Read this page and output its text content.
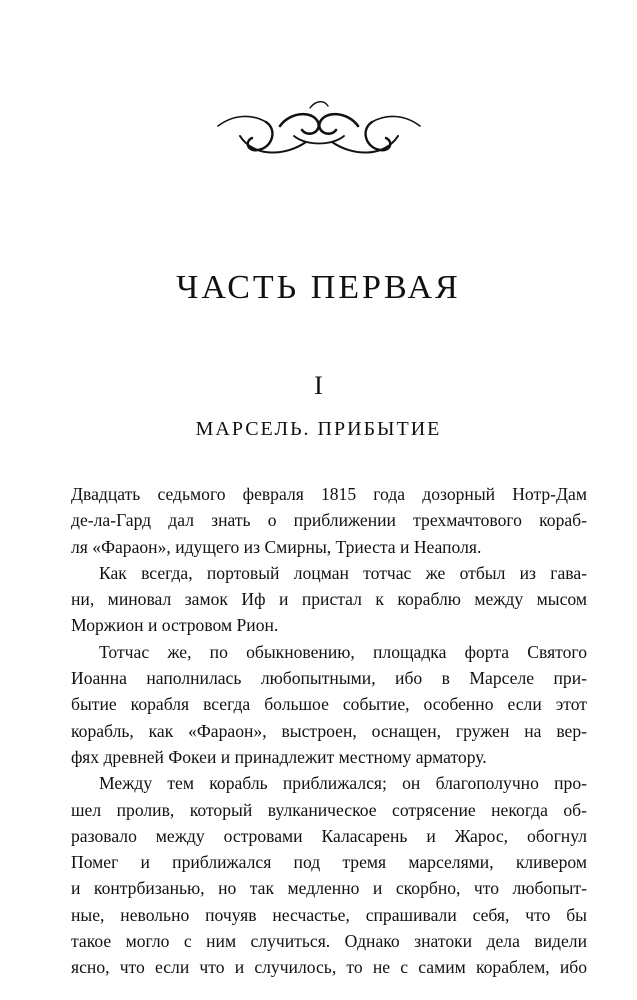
ЧАСТЬ ПЕРВАЯ
I
МАРСЕЛЬ. ПРИБЫТИЕ
Двадцать седьмого февраля 1815 года дозорный Нотр-Дам
де-ла-Гард дал знать о приближении трехмачтового кораб-
ля «Фараон», идущего из Смирны, Триеста и Неаполя.
Как всегда, портовый лоцман тотчас же отбыл из гава-
ни, миновал замок Иф и пристал к кораблю между мысом
Моржион и островом Рион.
Тотчас же, по обыкновению, площадка форта Святого
Иоанна наполнилась любопытными, ибо в Марселе при-
бытие корабля всегда большое событие, особенно если этот
корабль, как «Фараон», выстроен, оснащен, гружен на вер-
фях древней Фокеи и принадлежит местному арматору.
Между тем корабль приближался; он благополучно про-
шел пролив, который вулканическое сотрясение некогда об-
разовало между островами Каласарень и Жарос, обогнул
Помег и приближался под тремя марселями, кливером
и контрбизанью, но так медленно и скорбно, что любопыт-
ные, невольно почуяв несчастье, спрашивали себя, что бы
такое могло с ним случиться. Однако знатоки дела видели
ясно, что если что и случилось, то не с самим кораблем, ибо
